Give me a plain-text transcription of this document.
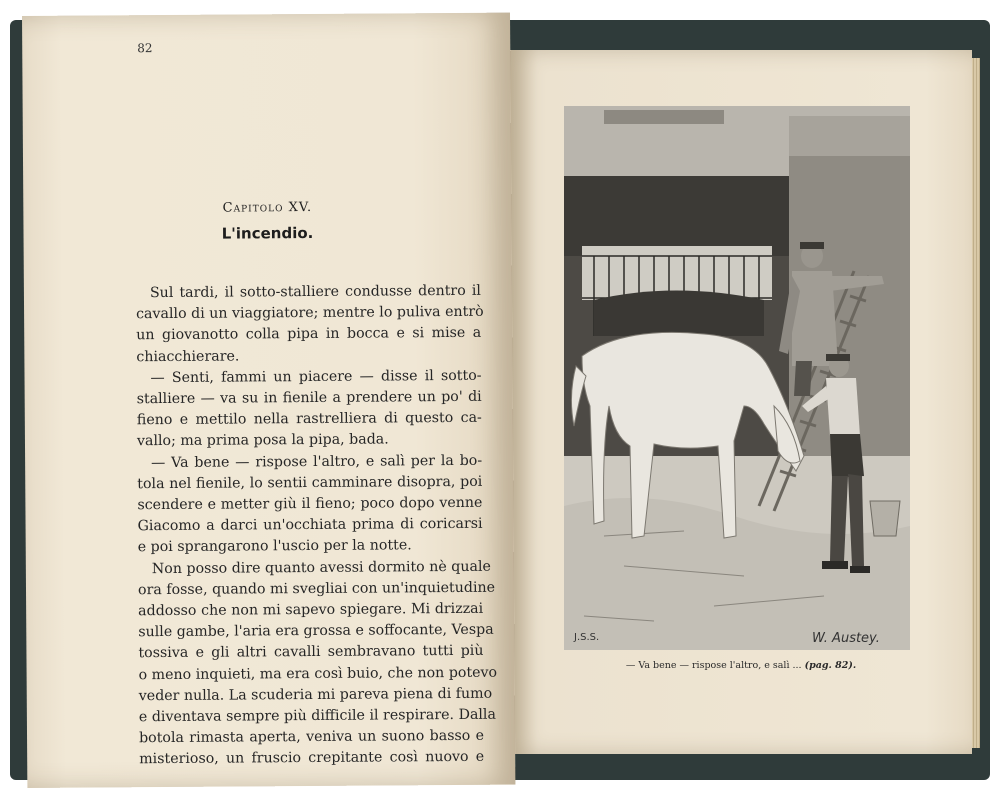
82
Capitolo XV.
L'incendio.
Sul tardi, il sotto-stalliere condusse dentro il
cavallo di un viaggiatore; mentre lo puliva entrò
un giovanotto colla pipa in bocca e si mise a
chiacchierare.
— Senti, fammi un piacere — disse il sotto-
stalliere — va su in fienile a prendere un po' di
fieno e mettilo nella rastrelliera di questo ca-
vallo; ma prima posa la pipa, bada.
— Va bene — rispose l'altro, e salì per la bo-
tola nel fienile, lo sentii camminare disopra, poi
scendere e metter giù il fieno; poco dopo venne
Giacomo a darci un'occhiata prima di coricarsi
e poi sprangarono l'uscio per la notte.
Non posso dire quanto avessi dormito nè quale
ora fosse, quando mi svegliai con un'inquietudine
addosso che non mi sapevo spiegare. Mi drizzai
sulle gambe, l'aria era grossa e soffocante, Vespa
tossiva e gli altri cavalli sembravano tutti più
o meno inquieti, ma era così buio, che non potevo
veder nulla. La scuderia mi pareva piena di fumo
e diventava sempre più difficile il respirare. Dalla
botola rimasta aperta, veniva un suono basso e
misterioso, un fruscio crepitante così nuovo e
J.S.S.	W. Austey.
— Va bene — rispose l'altro, e salì ... (pag. 82).
